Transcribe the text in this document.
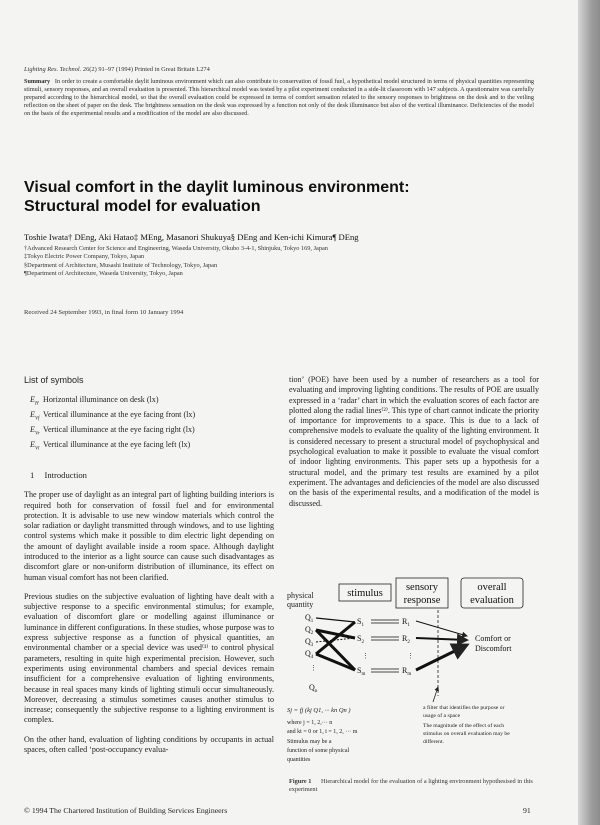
Lighting Res. Technol. 26(2) 91–97 (1994) Printed in Great Britain L274
Summary In order to create a comfortable daylit luminous environment which can also contribute to conservation of fossil fuel, a hypothetical model structured in terms of physical quantities representing stimuli, sensory responses, and an overall evaluation is presented. This hierarchical model was tested by a pilot experiment conducted in a side-lit classroom with 147 subjects. A questionnaire was carefully prepared according to the hierarchical model, so that the overall evaluation could be expressed in terms of comfort sensation related to the sensory responses to brightness on the desk and to the veiling reflection on the sheet of paper on the desk. The brightness sensation on the desk was expressed by a function not only of the desk illuminance but also of the vertical illuminance. Deficiencies of the model on the basis of the experimental results and a modification of the model are also discussed.
Visual comfort in the daylit luminous environment:
Structural model for evaluation
Toshie Iwata† DEng, Aki Hatao‡ MEng, Masanori Shukuya§ DEng and Ken-ichi Kimura¶ DEng
†Advanced Research Center for Science and Engineering, Waseda University, Okubo 3-4-1, Shinjuku, Tokyo 169, Japan
‡Tokyo Electric Power Company, Tokyo, Japan
§Department of Architecture, Musashi Institute of Technology, Tokyo, Japan
¶Department of Architecture, Waseda University, Tokyo, Japan
Received 24 September 1993, in final form 10 January 1994
List of symbols
$E_H$
Horizontal illuminance on desk (lx)
$E_{Vf}$
Vertical illuminance at the eye facing front (lx)
$E_{Vr}$
Vertical illuminance at the eye facing right (lx)
$E_{Vl}$
Vertical illuminance at the eye facing left (lx)
1 Introduction

The proper use of daylight as an integral part of lighting building interiors is required both for conservation of fossil fuel and for environmental protection. It is advisable to use new window materials which control the solar radiation or daylight transmitted through windows, and to use lighting control systems which make it possible to dim electric light depending on the amount of daylight available inside a room space. Although daylight introduced to the interior as a light source can cause such disadvantages as discomfort glare or non-uniform distribution of illuminance, its effect on human visual comfort has not been clarified.

Previous studies on the subjective evaluation of lighting have dealt with a subjective response to a specific environmental stimulus; for example, evaluation of discomfort glare or modelling against illuminance or luminance in different configurations. In these studies, whose purpose was to express subjective response as a function of physical quantities, an environmental chamber or a special device was used⁽¹⁾ to control physical parameters, resulting in quite high experimental precision. However, such experiments using environmental chambers and special devices remain insufficient for a comprehensive evaluation of lighting environments, because in real spaces many kinds of lighting stimuli occur simultaneously. Moreover, decreasing a stimulus sometimes causes another stimulus to increase; consequently the subjective response to a lighting environment is complex.

On the other hand, evaluation of lighting conditions by occupants in actual spaces, often called ‘post-occupancy evalua-

tion’ (POE) have been used by a number of researchers as a tool for evaluating and improving lighting conditions. The results of POE are usually expressed in a ‘radar’ chart in which the evaluation scores of each factor are plotted along the radial lines⁽²⁾. This type of chart cannot indicate the priority of importance for improvements to a space. This is due to a lack of comprehensive models to evaluate the quality of the lighting environment. It is considered necessary to present a structural model of psychophysical and psychological evaluation to make it possible to evaluate the visual comfort of indoor lighting environments. This paper sets up a hypothesis for a structural model, and the primary test results are examined by a pilot experiment. The advantages and deficiencies of the model are also discussed on the basis of the experimental results, and a modification of the model is discussed.
physical quantity
stimulus
sensory
response
overall
evaluation
$Q_1$
$Q_2$
$Q_3$
$Q_4$
$Q_n$
⋮
$S_1$
$S_2$
$S_m$
$R_1$
$R_2$
$R_m$
⋮	⋮
Comfort or
Discomfort
Sj = fj (kj Q1, ··· kn Qn )
where j = 1, 2,··· n
and kt = 0 or 1, t = 1, 2, ··· m
Stimulus may be a
function of some physical
quantities
a filter that identifies the purpose or
usage of a space
The magnitude of the effect of each
stimulus on overall evaluation may be
different.
Figure 1 Hierarchical model for the evaluation of a lighting environment hypothesised in this experiment
© 1994 The Chartered Institution of Building Services Engineers	91
